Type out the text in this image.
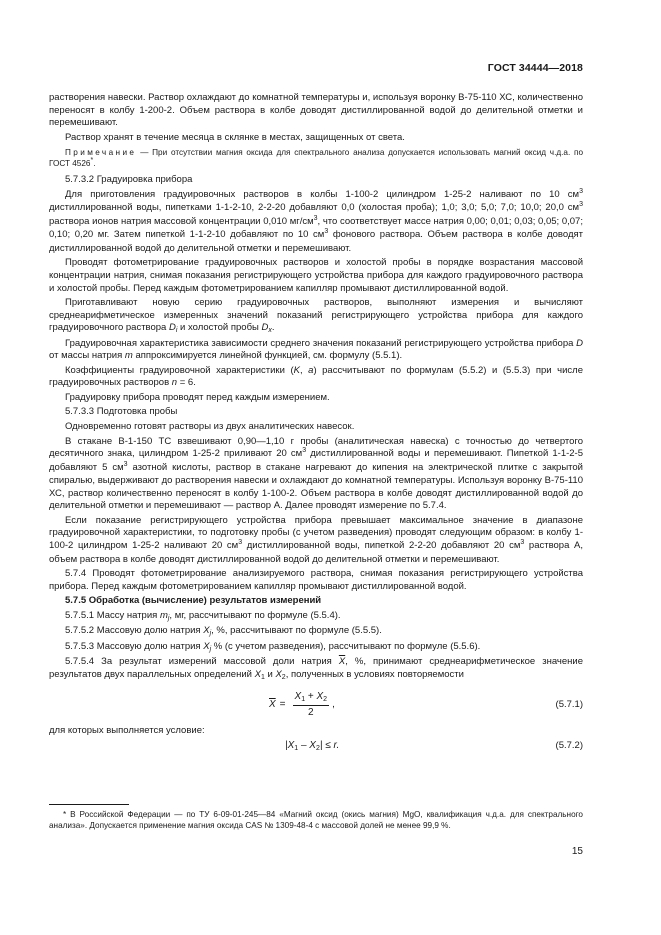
ГОСТ 34444—2018

растворения навески. Раствор охлаждают до комнатной температуры и, используя воронку В-75-110 ХС, количественно переносят в колбу 1-200-2. Объем раствора в колбе доводят дистиллированной водой до делительной отметки и перемешивают.

Раствор хранят в течение месяца в склянке в местах, защищенных от света.

Примечание — При отсутствии магния оксида для спектрального анализа допускается использовать магний оксид ч.д.а. по ГОСТ 4526*.

5.7.3.2 Градуировка прибора

Для приготовления градуировочных растворов в колбы 1-100-2 цилиндром 1-25-2 наливают по 10 $см^3$ дистиллированной воды, пипетками 1-1-2-10, 2-2-20 добавляют 0,0 (холостая проба); 1,0; 3,0; 5,0; 7,0; 10,0; 20,0 $см^3$ раствора ионов натрия массовой концентрации 0,010 $мг/см^3$, что соответствует массе натрия 0,00; 0,01; 0,03; 0,05; 0,07; 0,10; 0,20 мг. Затем пипеткой 1-1-2-10 добавляют по 10 $см^3$ фонового раствора. Объем раствора в колбе доводят дистиллированной водой до делительной отметки и перемешивают.

Проводят фотометрирование градуировочных растворов и холостой пробы в порядке возрастания массовой концентрации натрия, снимая показания регистрирующего устройства прибора для каждого градуировочного раствора и холостой пробы. Перед каждым фотометрированием капилляр промывают дистиллированной водой.

Приготавливают новую серию градуировочных растворов, выполняют измерения и вычисляют среднеарифметическое измеренных значений показаний регистрирующего устройства прибора для каждого градуировочного раствора $D_i$ и холостой пробы $D_x$.

Градуировочная характеристика зависимости среднего значения показаний регистрирующего устройства прибора D от массы натрия m аппроксимируется линейной функцией, см. формулу (5.5.1).

Коэффициенты градуировочной характеристики (K, a) рассчитывают по формулам (5.5.2) и (5.5.3) при числе градуировочных растворов n = 6.

Градуировку прибора проводят перед каждым измерением.

5.7.3.3 Подготовка пробы

Одновременно готовят растворы из двух аналитических навесок.

В стакане В-1-150 ТС взвешивают 0,90—1,10 г пробы (аналитическая навеска) с точностью до четвертого десятичного знака, цилиндром 1-25-2 приливают 20 $см^3$ дистиллированной воды и перемешивают. Пипеткой 1-1-2-5 добавляют 5 $см^3$ азотной кислоты, раствор в стакане нагревают до кипения на электрической плитке с закрытой спиралью, выдерживают до растворения навески и охлаждают до комнатной температуры. Используя воронку В-75-110 ХС, раствор количественно переносят в колбу 1-100-2. Объем раствора в колбе доводят дистиллированной водой до делительной отметки и перемешивают — раствор А. Далее проводят измерение по 5.7.4.

Если показание регистрирующего устройства прибора превышает максимальное значение в диапазоне градуировочной характеристики, то подготовку пробы (с учетом разведения) проводят следующим образом: в колбу 1-100-2 цилиндром 1-25-2 наливают 20 $см^3$ дистиллированной воды, пипеткой 2-2-20 добавляют 20 $см^3$ раствора А, объем раствора в колбе доводят дистиллированной водой до делительной отметки и перемешивают.

5.7.4 Проводят фотометрирование анализируемого раствора, снимая показания регистрирующего устройства прибора. Перед каждым фотометрированием капилляр промывают дистиллированной водой.

5.7.5 Обработка (вычисление) результатов измерений

5.7.5.1 Массу натрия $m_j$, мг, рассчитывают по формуле (5.5.4).

5.7.5.2 Массовую долю натрия $X_j$, %, рассчитывают по формуле (5.5.5).

5.7.5.3 Массовую долю натрия $X_j$ % (с учетом разведения), рассчитывают по формуле (5.5.6).

5.7.5.4 За результат измерений массовой доли натрия $\overline{X}$, %, принимают среднеарифметическое значение результатов двух параллельных определений $X_1$ и $X_2$, полученных в условиях повторяемости

$\overline{X} = \frac{X_1 + X_2}{2}$ ,	(5.7.1)

для которых выполняется условие:

$|X_1 - X_2| \le r$.	(5.7.2)
* В Российской Федерации — по ТУ 6-09-01-245—84 «Магний оксид (окись магния) MgO, квалификация ч.д.а. для спектрального анализа». Допускается применение магния оксида CAS № 1309-48-4 с массовой долей не менее 99,9 %.
15
